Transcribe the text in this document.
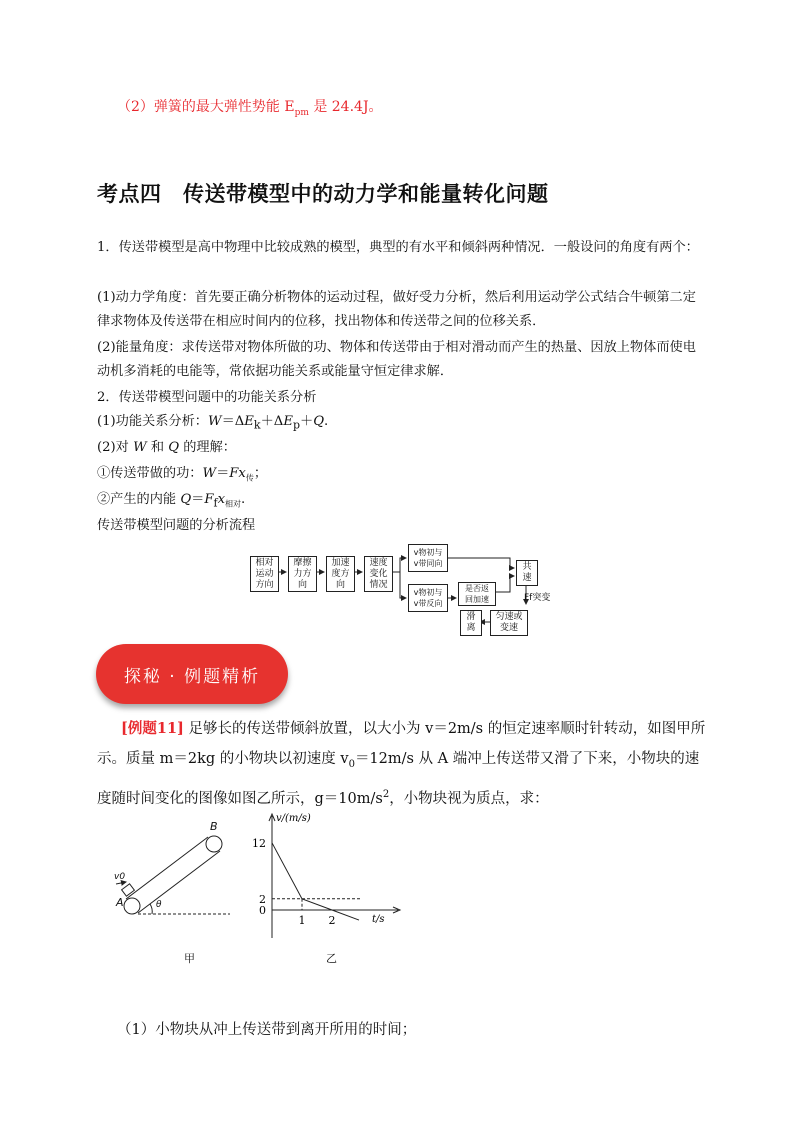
（2）弹簧的最大弹性势能 $E_{pm}$ 是 24.4J。
考点四　传送带模型中的动力学和能量转化问题
1．传送带模型是高中物理中比较成熟的模型，典型的有水平和倾斜两种情况．一般设问的角度有两个：
(1)动力学角度：首先要正确分析物体的运动过程，做好受力分析，然后利用运动学公式结合牛顿第二定律求物体及传送带在相应时间内的位移，找出物体和传送带之间的位移关系．
(2)能量角度：求传送带对物体所做的功、物体和传送带由于相对滑动而产生的热量、因放上物体而使电动机多消耗的电能等，常依据功能关系或能量守恒定律求解．
2．传送带模型问题中的功能关系分析
(1)功能关系分析：$W=\Delta E_k+\Delta E_p+Q$.
(2)对 W 和 Q 的理解：
①传送带做的功：$W=Fx_传$；
②产生的内能 $Q=F_fx_{相对}$.
传送带模型问题的分析流程
相对
运动
方向
摩擦
力方
向
加速
度方
向
速度
变化
情况
v物初与
v带同向
v物初与
v带反向
是否返
回加速
共
速
Ff突变
匀速或
变速
滑
离
探秘 · 例题精析
[例题11] 足够长的传送带倾斜放置，以大小为 v＝2m/s 的恒定速率顺时针转动，如图甲所示。质量 m＝2kg 的小物块以初速度 $v_0=12m/s$ 从 A 端冲上传送带又滑了下来，小物块的速度随时间变化的图像如图乙所示，$g=10m/s^2$，小物块视为质点，求：
B
A
v0
θ
甲
12
2
0
1 2
v/(m/s)
t/s
乙
（1）小物块从冲上传送带到离开所用的时间；
